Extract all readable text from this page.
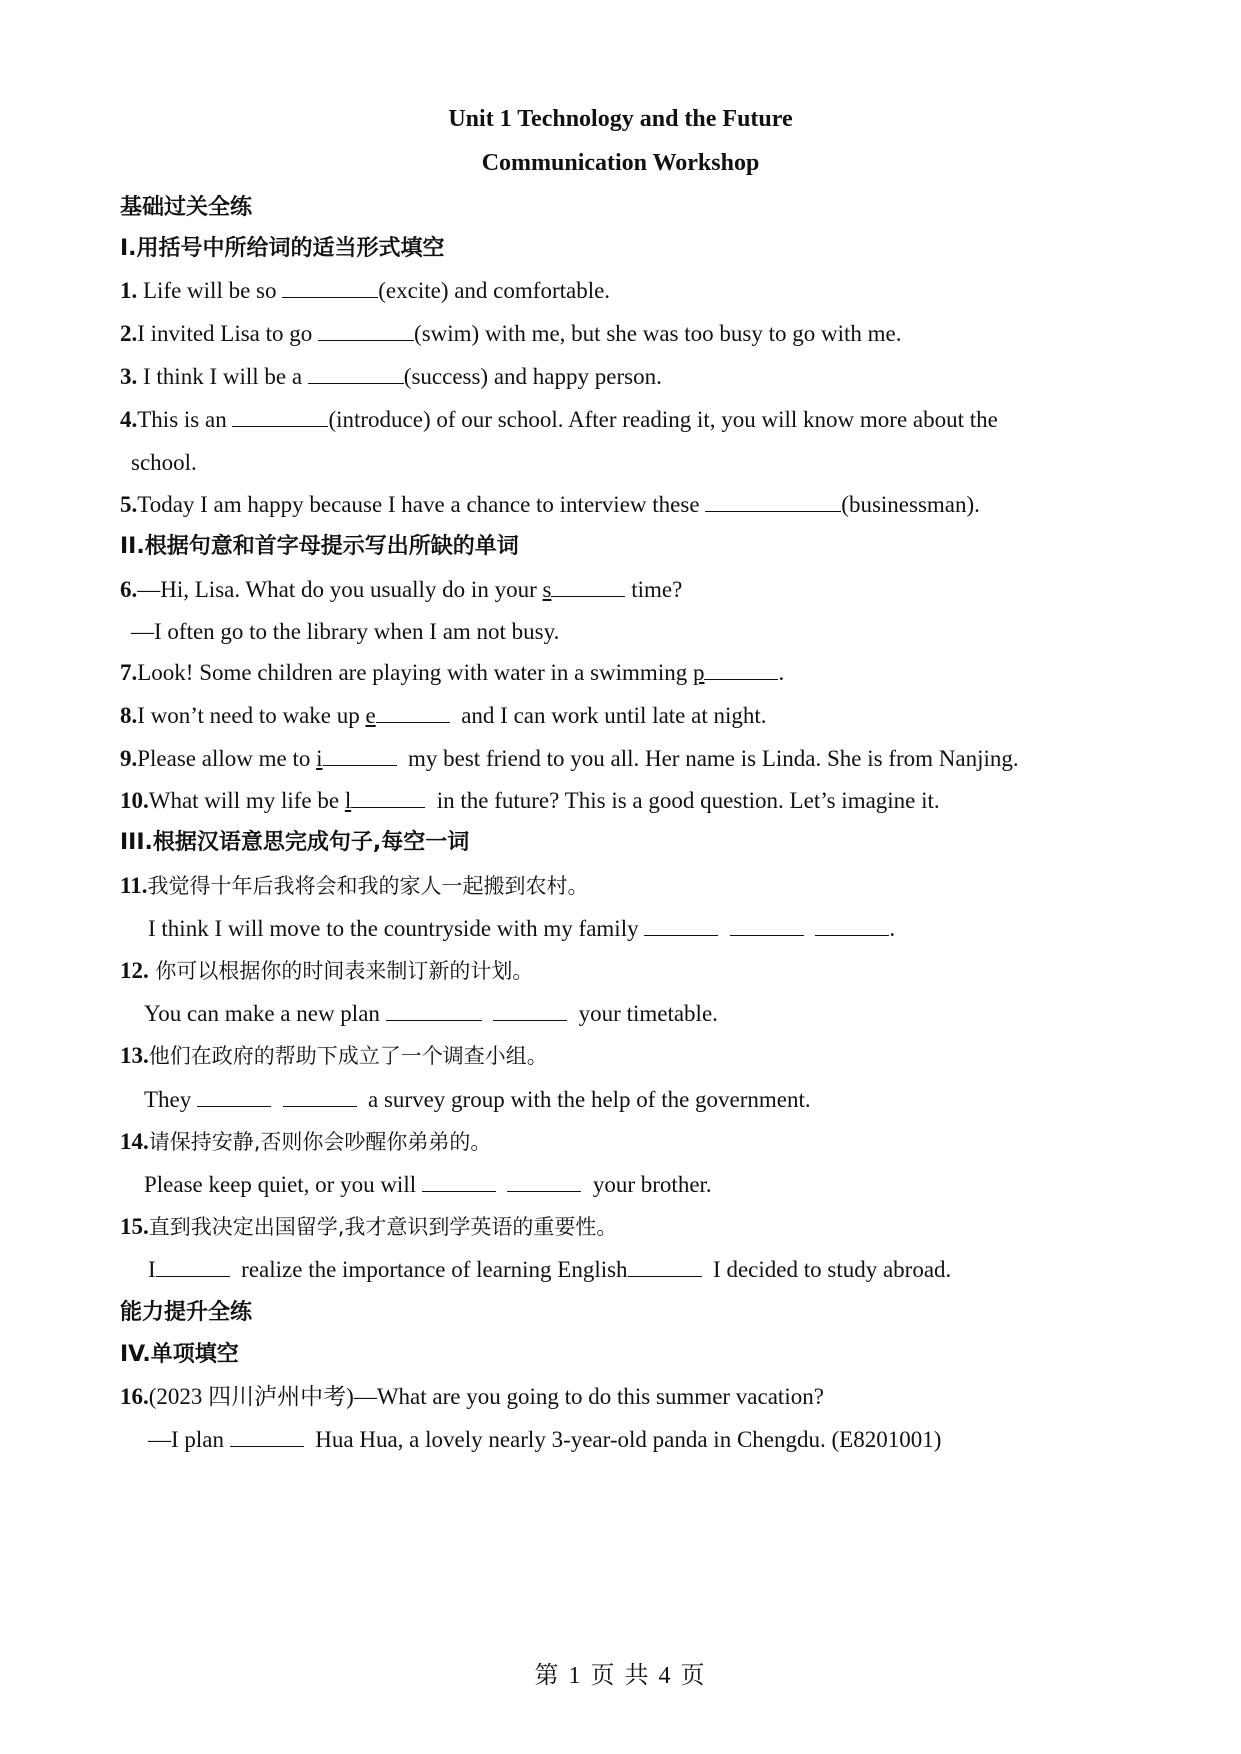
Unit 1 Technology and the Future
Communication Workshop
基础过关全练
I.用括号中所给词的适当形式填空
1. Life will be so	(excite) and comfortable.
2.I invited Lisa to go	(swim) with me, but she was too busy to go with me.
3. I think I will be a	(success) and happy person.
4.This is an	(introduce) of our school. After reading it, you will know more about the
school.
5.Today I am happy because I have a chance to interview these	(businessman).
II.根据句意和首字母提示写出所缺的单词
6.—Hi, Lisa. What do you usually do in your s	time?
—I often go to the library when I am not busy.
7.Look! Some children are playing with water in a swimming p	.
8.I won’t need to wake up e	and I can work until late at night.
9.Please allow me to i	my best friend to you all. Her name is Linda. She is from Nanjing.
10.What will my life be l	in the future? This is a good question. Let’s imagine it.
III.根据汉语意思完成句子,每空一词
11.我觉得十年后我将会和我的家人一起搬到农村。
I think I will move to the countryside with my family	.
12. 你可以根据你的时间表来制订新的计划。
You can make a new plan	your timetable.
13.他们在政府的帮助下成立了一个调查小组。
They	a survey group with the help of the government.
14.请保持安静,否则你会吵醒你弟弟的。
Please keep quiet, or you will	your brother.
15.直到我决定出国留学,我才意识到学英语的重要性。
I	realize the importance of learning English	I decided to study abroad.
能力提升全练
IV.单项填空
16.(2023 四川泸州中考)—What are you going to do this summer vacation?
—I plan	Hua Hua, a lovely nearly 3-year-old panda in Chengdu. (E8201001)
第 1 页 共 4 页
